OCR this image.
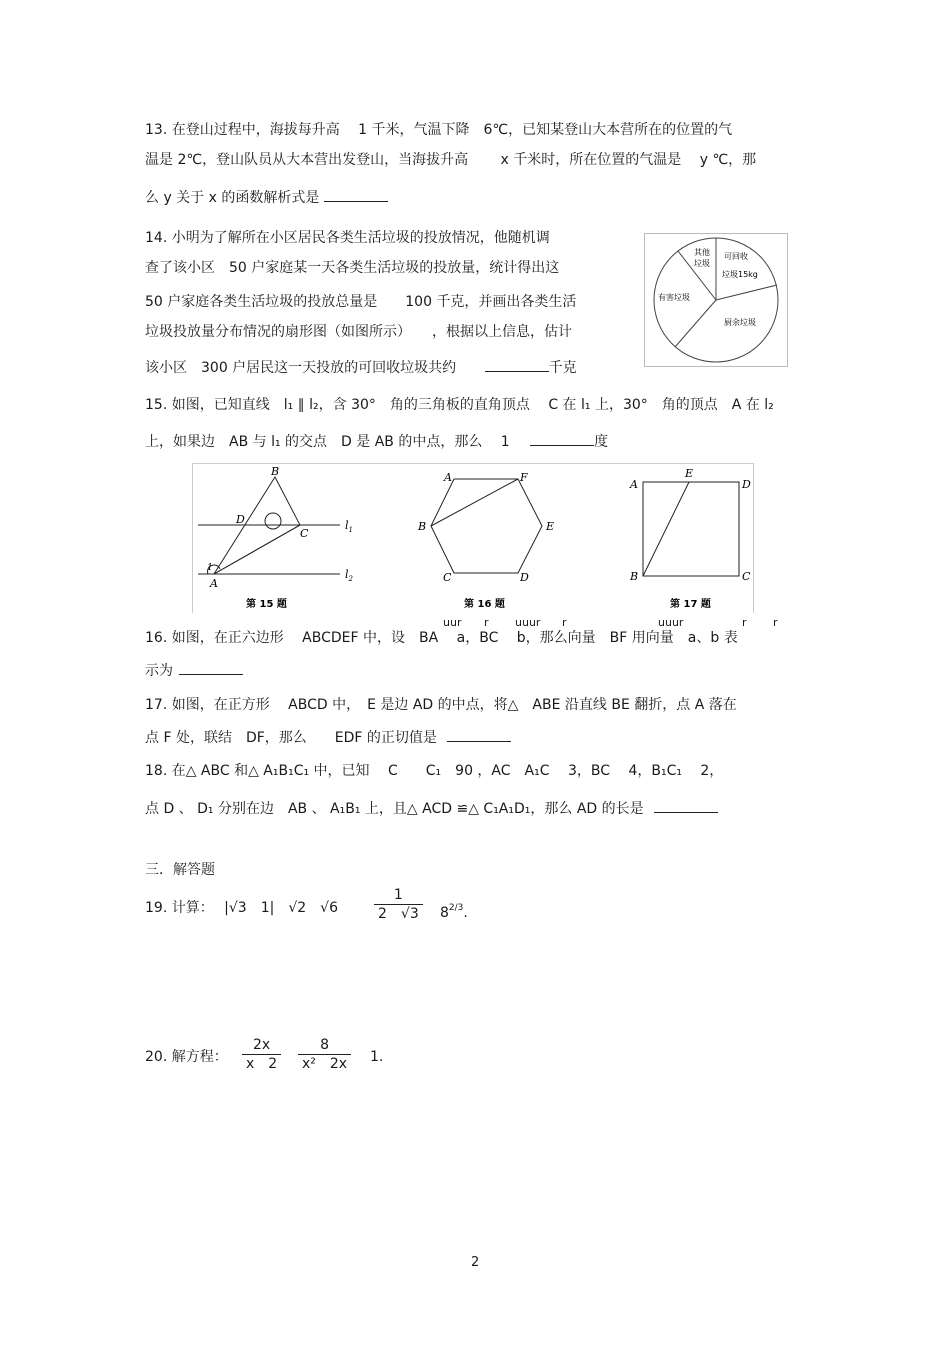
13. 在登山过程中，海拔每升高　 1 千米，气温下降　6℃，已知某登山大本营所在的位置的气
温是 2℃，登山队员从大本营出发登山，当海拔升高　　 x 千米时，所在位置的气温是　 y ℃，那
么 y 关于 x 的函数解析式是
14. 小明为了解所在小区居民各类生活垃圾的投放情况，他随机调
查了该小区　50 户家庭某一天各类生活垃圾的投放量，统计得出这
50 户家庭各类生活垃圾的投放总量是　　100 千克，并画出各类生活
垃圾投放量分布情况的扇形图（如图所示）　　，根据以上信息，估计
该小区　300 户居民这一天投放的可回收垃圾共约	千克
其他
垃圾
可回收
垃圾15kg
有害垃圾
厨余垃圾
15. 如图，已知直线　l₁ ∥ l₂，含 30°　角的三角板的直角顶点　 C 在 l₁ 上，30°　角的顶点　A 在 l₂
上，如果边　AB 与 l₁ 的交点　D 是 AB 的中点，那么　 1	度
B
D
C
A
1
$l_1$
$l_2$
第 15 题
A	F
B	E
C	D
第 16 题
A
E
D
B	C
第 17 题
uur r uuur r	uuur	r r
16. 如图，在正六边形　 ABCDEF 中，设　BA　 a，BC　 b，那么向量　BF 用向量　a、b 表
示为
17. 如图，在正方形　 ABCD 中，　E 是边 AD 的中点，将△　ABE 沿直线 BE 翻折，点 A 落在
点 F 处，联结　DF，那么　　EDF 的正切值是
18. 在△ ABC 和△ A₁B₁C₁ 中，已知　 C　　C₁　90 ，AC　A₁C　 3，BC　 4，B₁C₁　 2，
点 D 、 D₁ 分别在边　AB 、 A₁B₁ 上，且△ ACD ≌△ C₁A₁D₁，那么 AD 的长是
三．解答题
19. 计算： |√3　1|　√2　√6	$\frac{1}{2 √3} 8^{2/3}$.
20. 解方程： $\frac{2x}{x 2} \frac{8}{\text{x²　2x}} 1$.
2
